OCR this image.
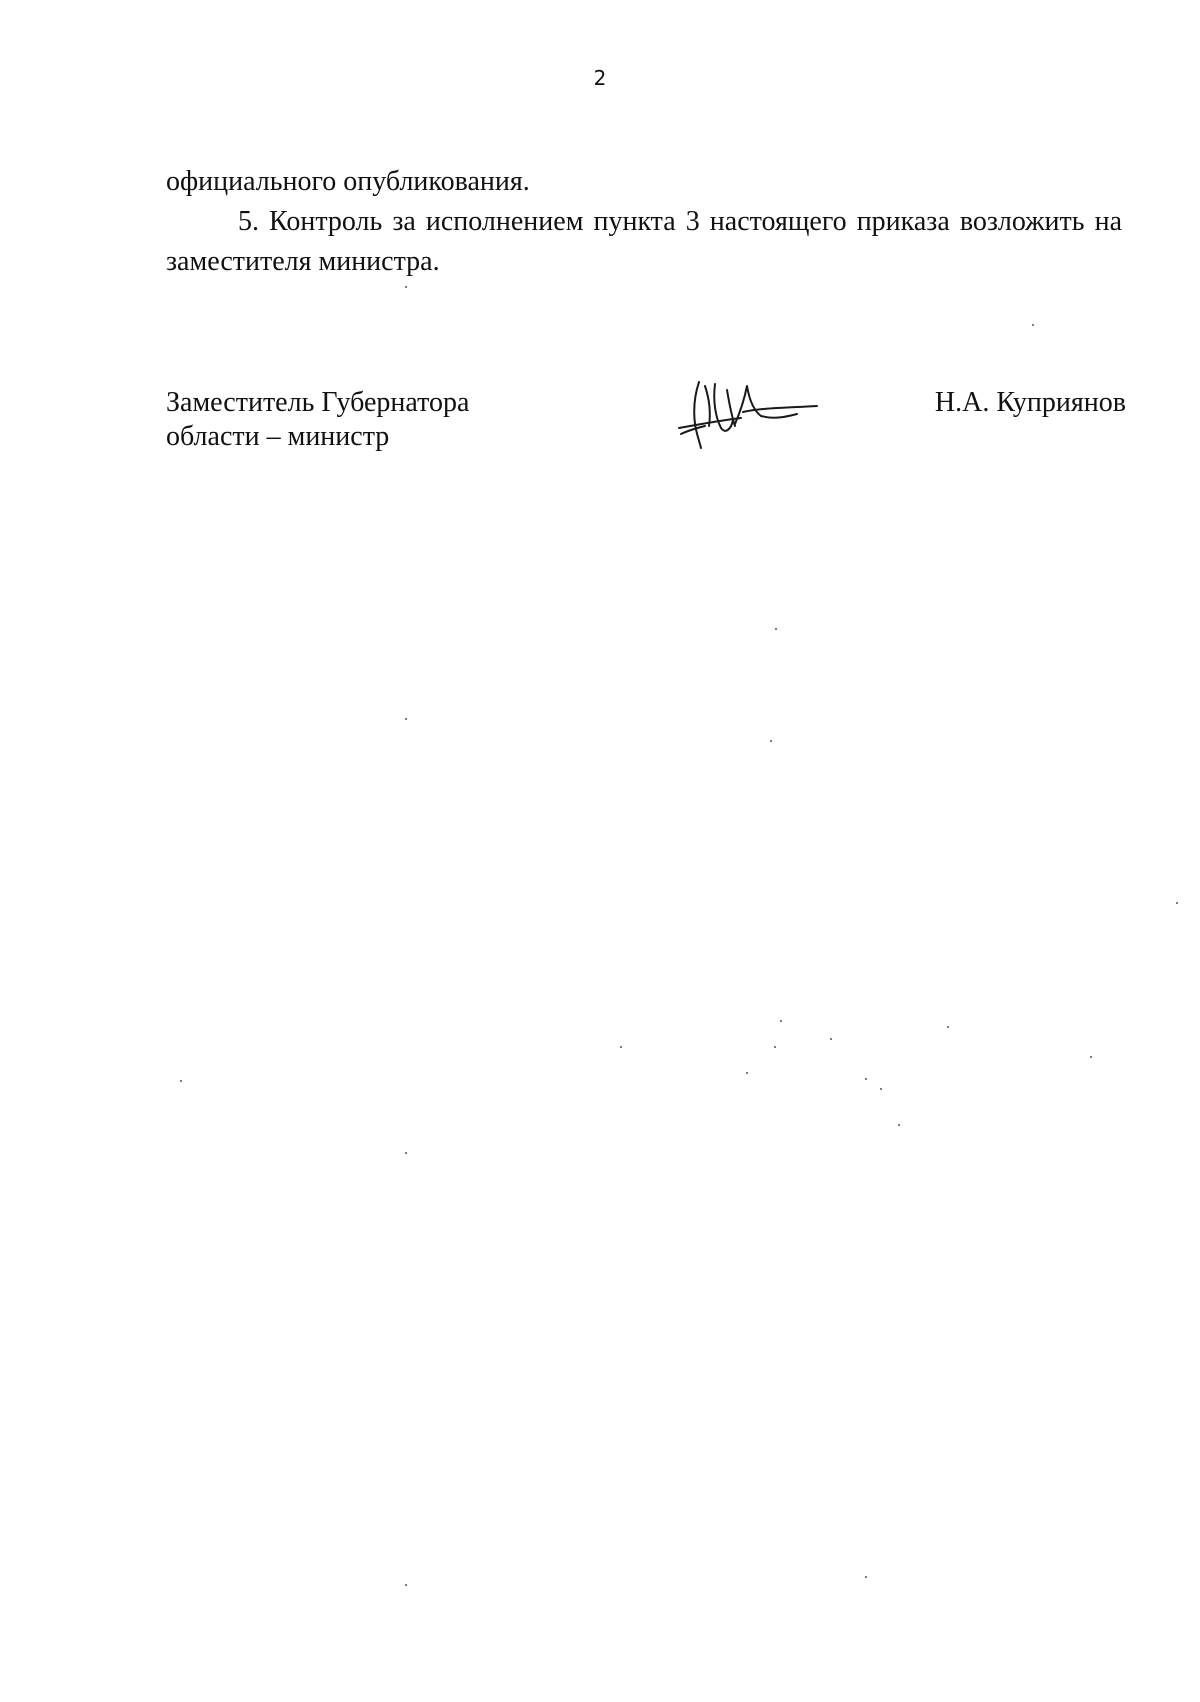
2

официального опубликования.

5. Контроль за исполнением пункта 3 настоящего приказа возложить на заместителя министра.

Заместитель Губернатора
области – министр
Н.А. Куприянов
